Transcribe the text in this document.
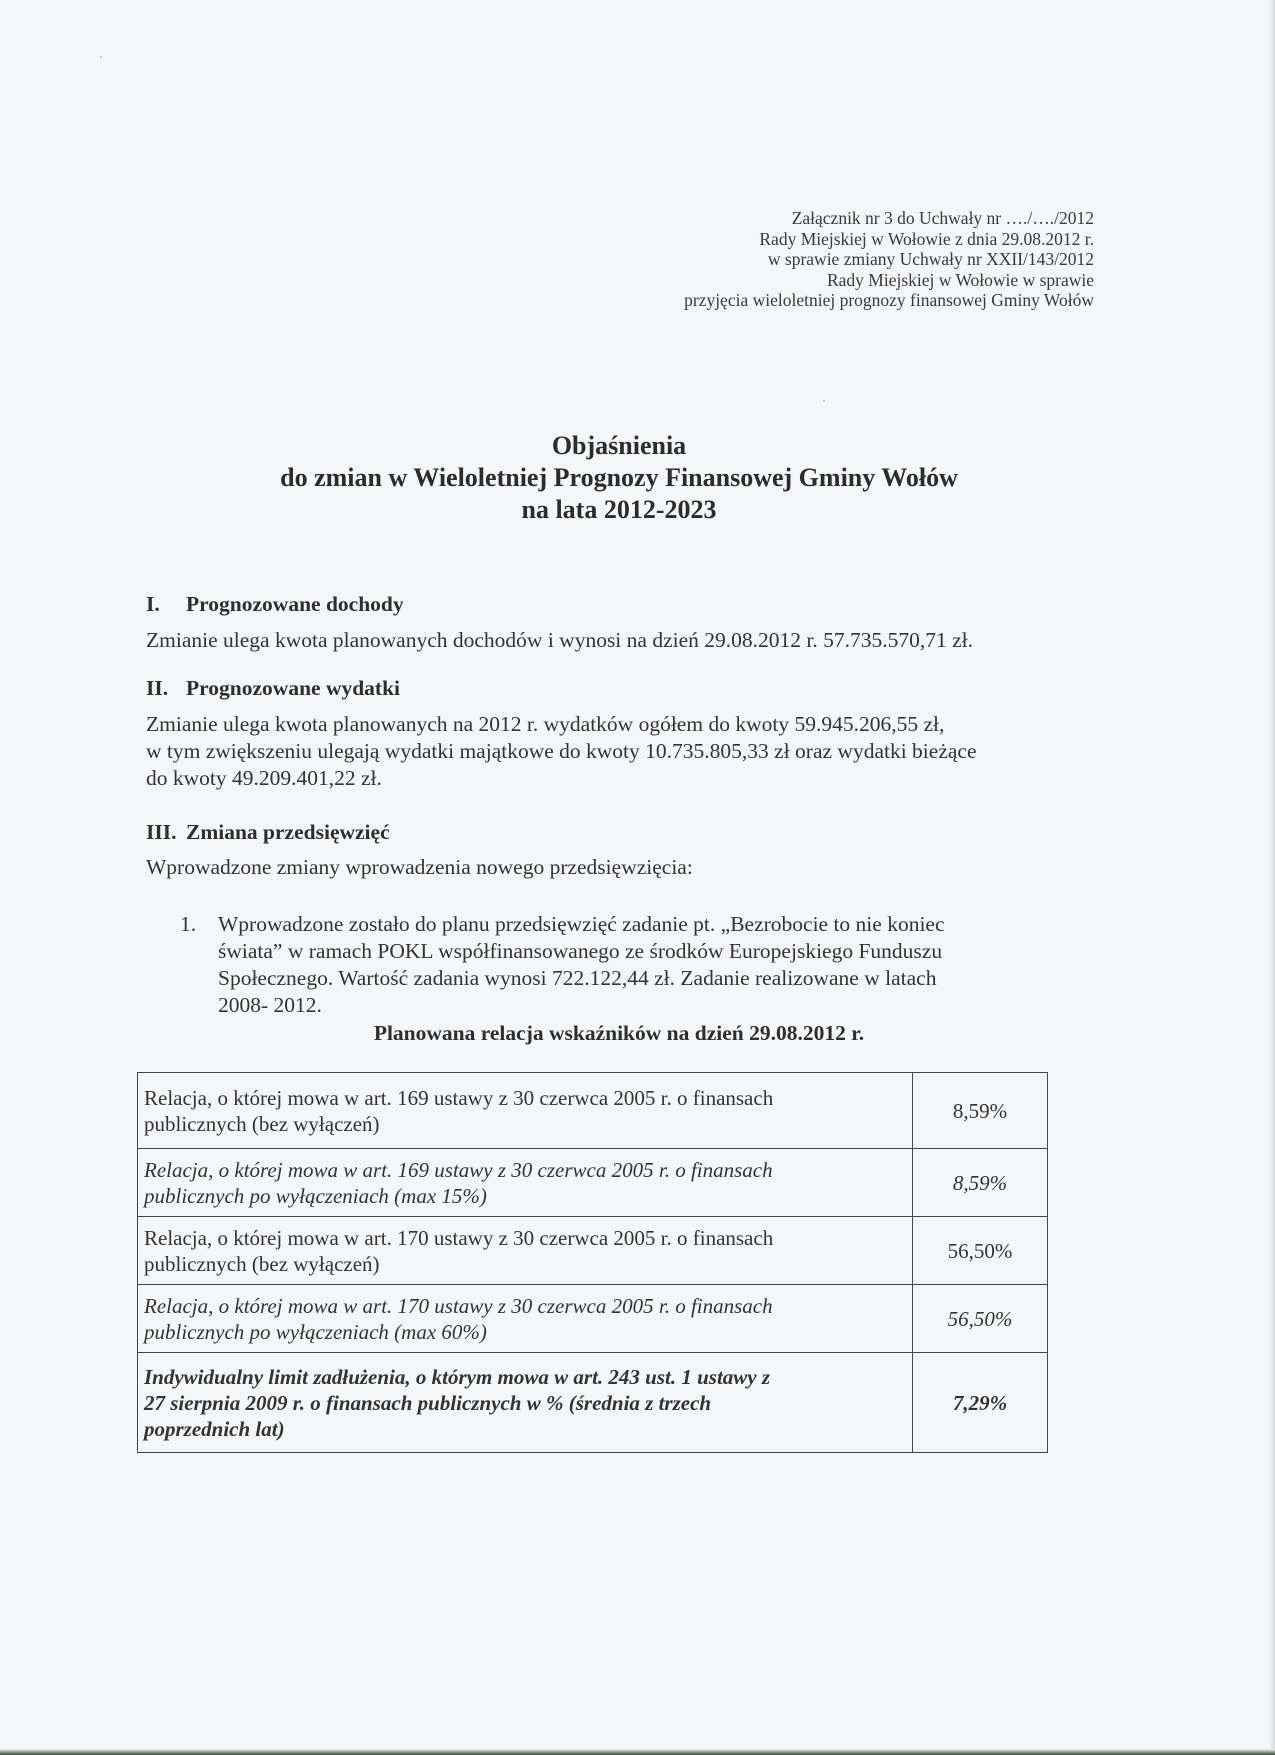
Załącznik nr 3 do Uchwały nr …./…./2012
Rady Miejskiej w Wołowie z dnia 29.08.2012 r.
w sprawie zmiany Uchwały nr XXII/143/2012
Rady Miejskiej w Wołowie w sprawie
przyjęcia wieloletniej prognozy finansowej Gminy Wołów
Objaśnienia
do zmian w Wieloletniej Prognozy Finansowej Gminy Wołów
na lata 2012-2023
I. Prognozowane dochody
Zmianie ulega kwota planowanych dochodów i wynosi na dzień 29.08.2012 r. 57.735.570,71 zł.
II. Prognozowane wydatki
Zmianie ulega kwota planowanych na 2012 r. wydatków ogółem do kwoty 59.945.206,55 zł,
w tym zwiększeniu ulegają wydatki majątkowe do kwoty 10.735.805,33 zł oraz wydatki bieżące
do kwoty 49.209.401,22 zł.
III. Zmiana przedsięwzięć
Wprowadzone zmiany wprowadzenia nowego przedsięwzięcia:
1. Wprowadzone zostało do planu przedsięwzięć zadanie pt. „Bezrobocie to nie koniec
świata” w ramach POKL współfinansowanego ze środków Europejskiego Funduszu
Społecznego. Wartość zadania wynosi 722.122,44 zł. Zadanie realizowane w latach
2008- 2012.
Planowana relacja wskaźników na dzień 29.08.2012 r.
Relacja, o której mowa w art. 169 ustawy z 30 czerwca 2005 r. o finansach
publicznych (bez wyłączeń)	8,59%

Relacja, o której mowa w art. 169 ustawy z 30 czerwca 2005 r. o finansach
publicznych po wyłączeniach (max 15%)	8,59%

Relacja, o której mowa w art. 170 ustawy z 30 czerwca 2005 r. o finansach
publicznych (bez wyłączeń)	56,50%

Relacja, o której mowa w art. 170 ustawy z 30 czerwca 2005 r. o finansach
publicznych po wyłączeniach (max 60%)	56,50%

Indywidualny limit zadłużenia, o którym mowa w art. 243 ust. 1 ustawy z
27 sierpnia 2009 r. o finansach publicznych w % (średnia z trzech
poprzednich lat)	7,29%
